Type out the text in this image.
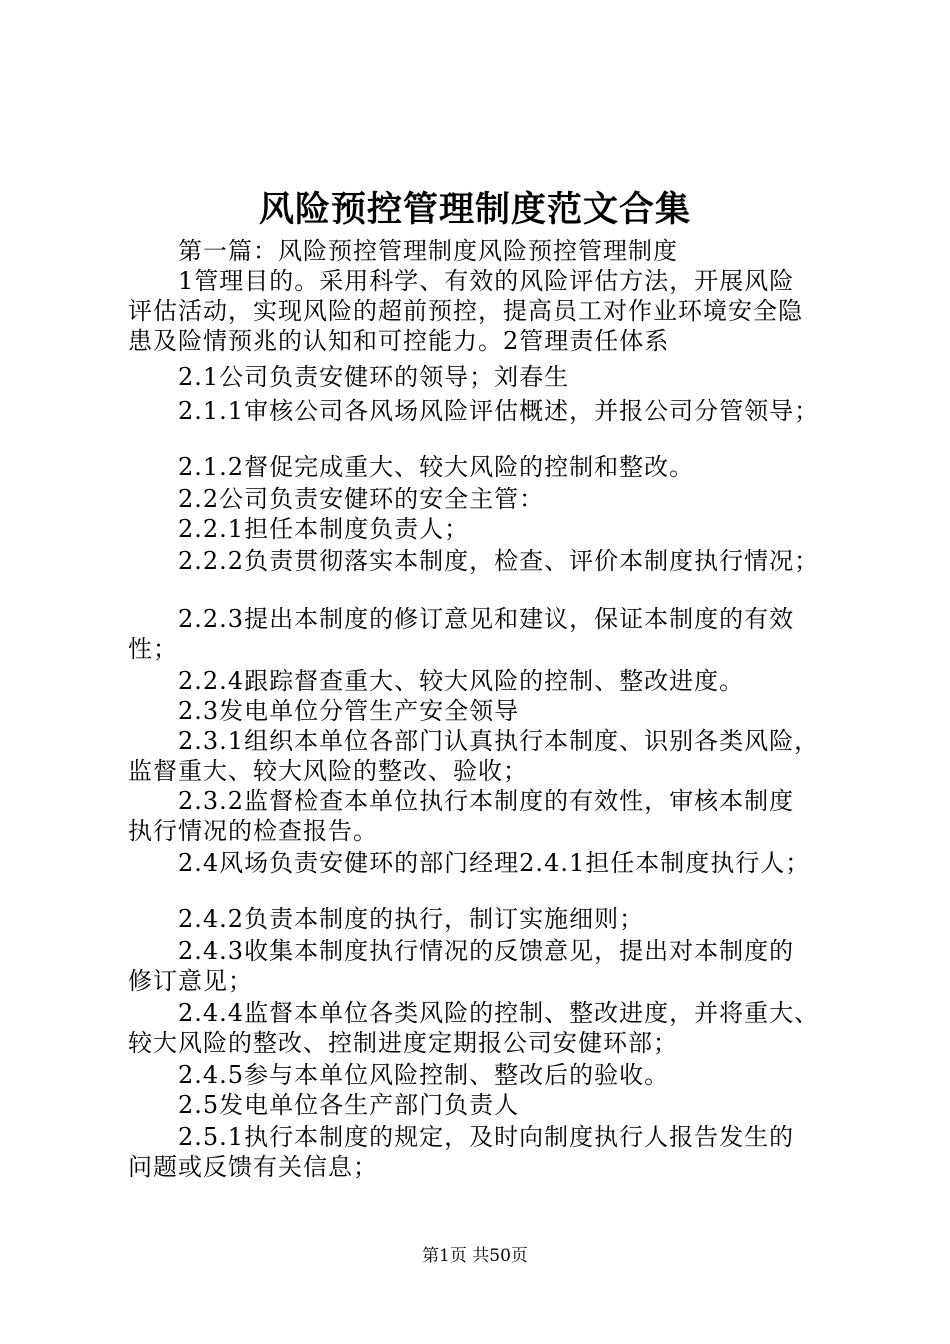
风险预控管理制度范文合集
第一篇：风险预控管理制度风险预控管理制度
1管理目的。采用科学、有效的风险评估方法，开展风险
评估活动，实现风险的超前预控，提高员工对作业环境安全隐
患及险情预兆的认知和可控能力。2管理责任体系
2.1公司负责安健环的领导；刘春生
2.1.1审核公司各风场风险评估概述，并报公司分管领导；
2.1.2督促完成重大、较大风险的控制和整改。
2.2公司负责安健环的安全主管：
2.2.1担任本制度负责人；
2.2.2负责贯彻落实本制度，检查、评价本制度执行情况；
2.2.3提出本制度的修订意见和建议，保证本制度的有效
性；
2.2.4跟踪督查重大、较大风险的控制、整改进度。
2.3发电单位分管生产安全领导
2.3.1组织本单位各部门认真执行本制度、识别各类风险，
监督重大、较大风险的整改、验收；
2.3.2监督检查本单位执行本制度的有效性，审核本制度
执行情况的检查报告。
2.4风场负责安健环的部门经理2.4.1担任本制度执行人；
2.4.2负责本制度的执行，制订实施细则；
2.4.3收集本制度执行情况的反馈意见，提出对本制度的
修订意见；
2.4.4监督本单位各类风险的控制、整改进度，并将重大、
较大风险的整改、控制进度定期报公司安健环部；
2.4.5参与本单位风险控制、整改后的验收。
2.5发电单位各生产部门负责人
2.5.1执行本制度的规定，及时向制度执行人报告发生的
问题或反馈有关信息；
第1页 共50页
